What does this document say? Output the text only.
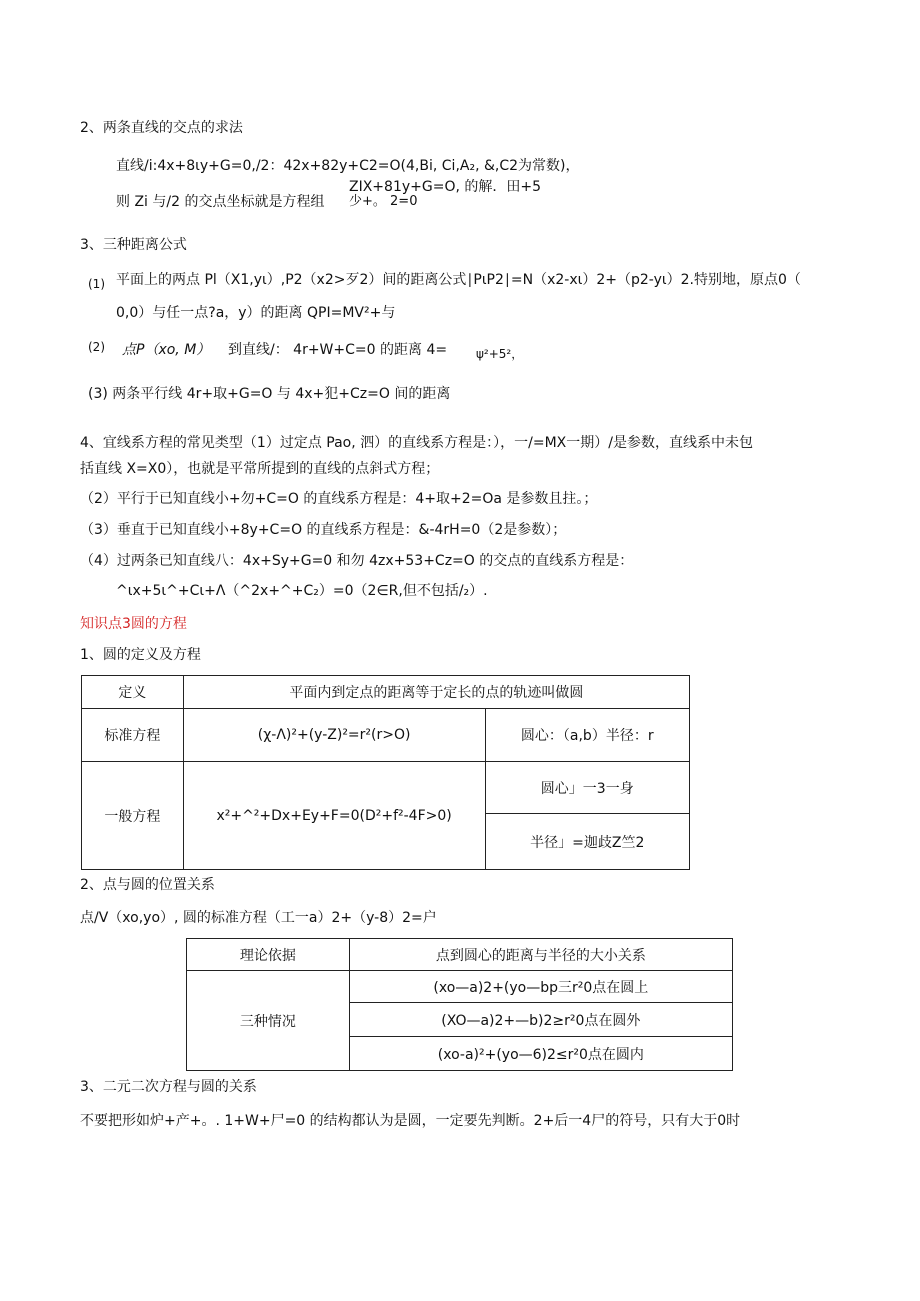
2、两条直线的交点的求法
直线/i:4x+8ιy+G=0,/2：42x+82y+C2=O(4,Bi, Ci,A₂, &,C2为常数)，
则 Zi 与/2 的交点坐标就是方程组
ZIX+81y+G=O, 的解．田+5
少+。 2=0
3、三种距离公式
(1) 平面上的两点 Pl（X1,yι）,P2（x2>歹2）间的距离公式∣PιP2∣=N（x2-xι）2+（p2-yι）2.特别地，原点0（
0,0）与任一点?a，y）的距离 QPI=MV²+与
(2) 点P（xo, M） 到直线/： 4r+W+C=0 的距离 4= ψ²+5²，
(3) 两条平行线 4r+取+G=O 与 4x+犯+Cz=O 间的距离
4、宜线系方程的常见类型（1）过定点 Pao, 泗）的直线系方程是：），一/=MX一期）/是参数，直线系中未包
括直线 X=X0），也就是平常所提到的直线的点斜式方程；
（2）平行于已知直线小+勿+C=O 的直线系方程是：4+取+2=Oa 是参数且拄。；
（3）垂直于已知直线小+8y+C=O 的直线系方程是：&-4rH=0（2是参数）；
（4）过两条已知直线八：4x+Sy+G=0 和勿 4zx+53+Cz=O 的交点的直线系方程是：
^ιx+5ι^+Cι+Λ（^2x+^+C₂）=0（2∈R,但不包括/₂）.
知识点3圆的方程
1、圆的定义及方程
定义	平面内到定点的距离等于定长的点的轨迹叫做圆	
标准方程	(χ-Λ)²+(y-Z)²=r²(r>O)	圆心：（a,b）半径：r
一般方程	x²+^²+Dx+Ey+F=0(D²+f²-4F>0)	圆心」一3一身
		半径」=迦歧Z竺2
2、点与圆的位置关系
点/V（xo,yo）, 圆的标准方程（工一a）2+（y-8）2=户
理论依据	点到圆心的距离与半径的大小关系
三种情况	(xo—a)2+(yo—bp三r²0点在圆上
	(XO—a)2+—b)2≥r²0点在圆外
	(xo-a)²+(yo—6)2≤r²0点在圆内
3、二元二次方程与圆的关系
不要把形如炉+产+。. 1+W+尸=0 的结构都认为是圆，一定要先判断。2+后一4尸的符号，只有大于0时
